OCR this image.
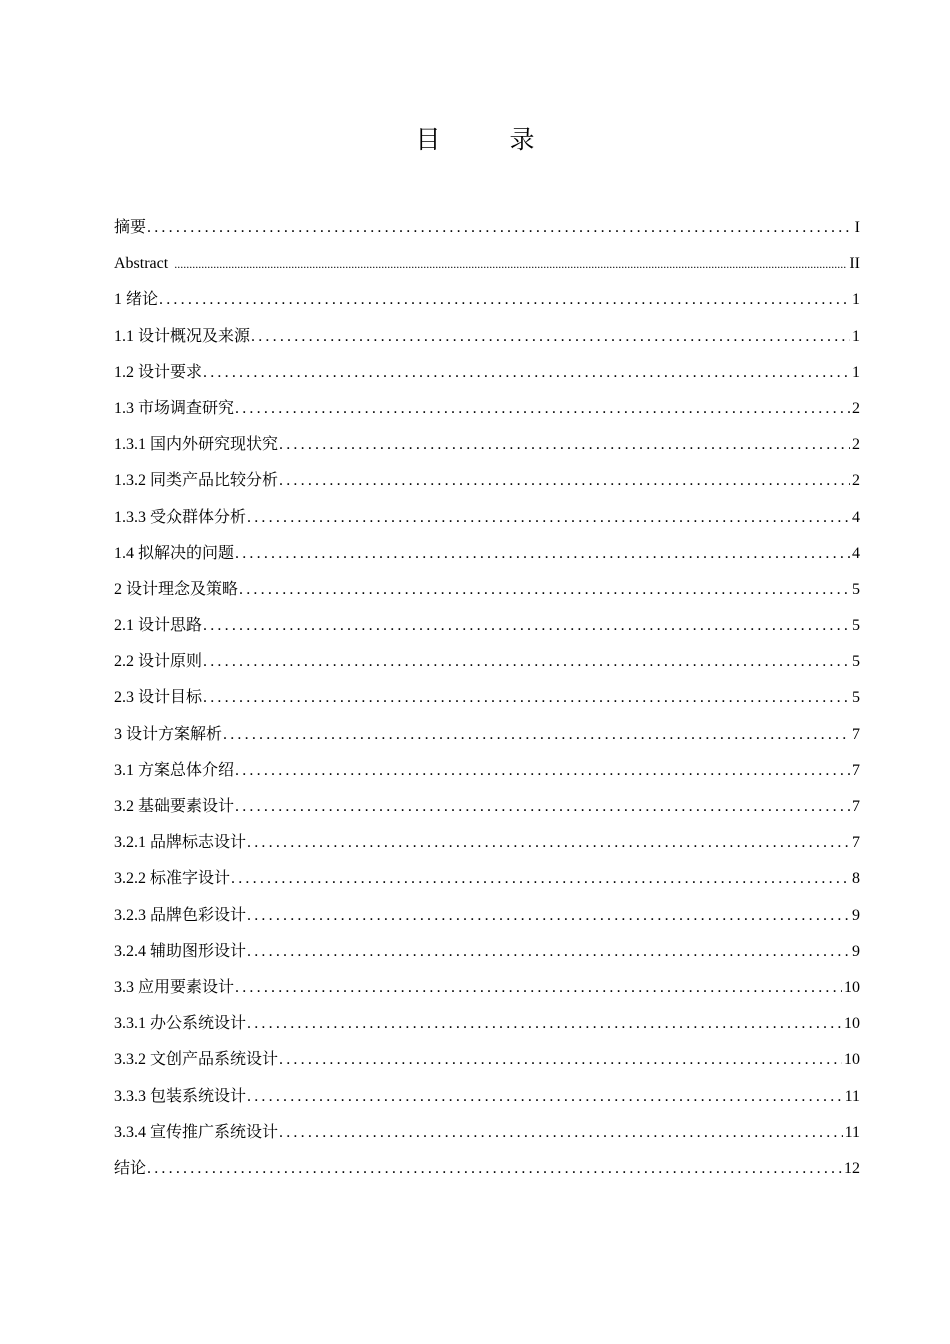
目　录
摘要 .....	I
Abstract .....	II
1 绪论 .....	1
1.1 设计概况及来源 .....	1
1.2 设计要求 .....	1
1.3 市场调查研究 .....	2
1.3.1 国内外研究现状究 .....	2
1.3.2 同类产品比较分析 .....	2
1.3.3 受众群体分析 .....	4
1.4 拟解决的问题 .....	4
2 设计理念及策略 .....	5
2.1 设计思路 .....	5
2.2 设计原则 .....	5
2.3 设计目标 .....	5
3 设计方案解析 .....	7
3.1 方案总体介绍 .....	7
3.2 基础要素设计 .....	7
3.2.1 品牌标志设计 .....	7
3.2.2 标准字设计 .....	8
3.2.3 品牌色彩设计 .....	9
3.2.4 辅助图形设计 .....	9
3.3 应用要素设计 .....	10
3.3.1 办公系统设计 .....	10
3.3.2 文创产品系统设计 .....	10
3.3.3 包装系统设计 .....	11
3.3.4 宣传推广系统设计 .....	11
结论 .....	12
